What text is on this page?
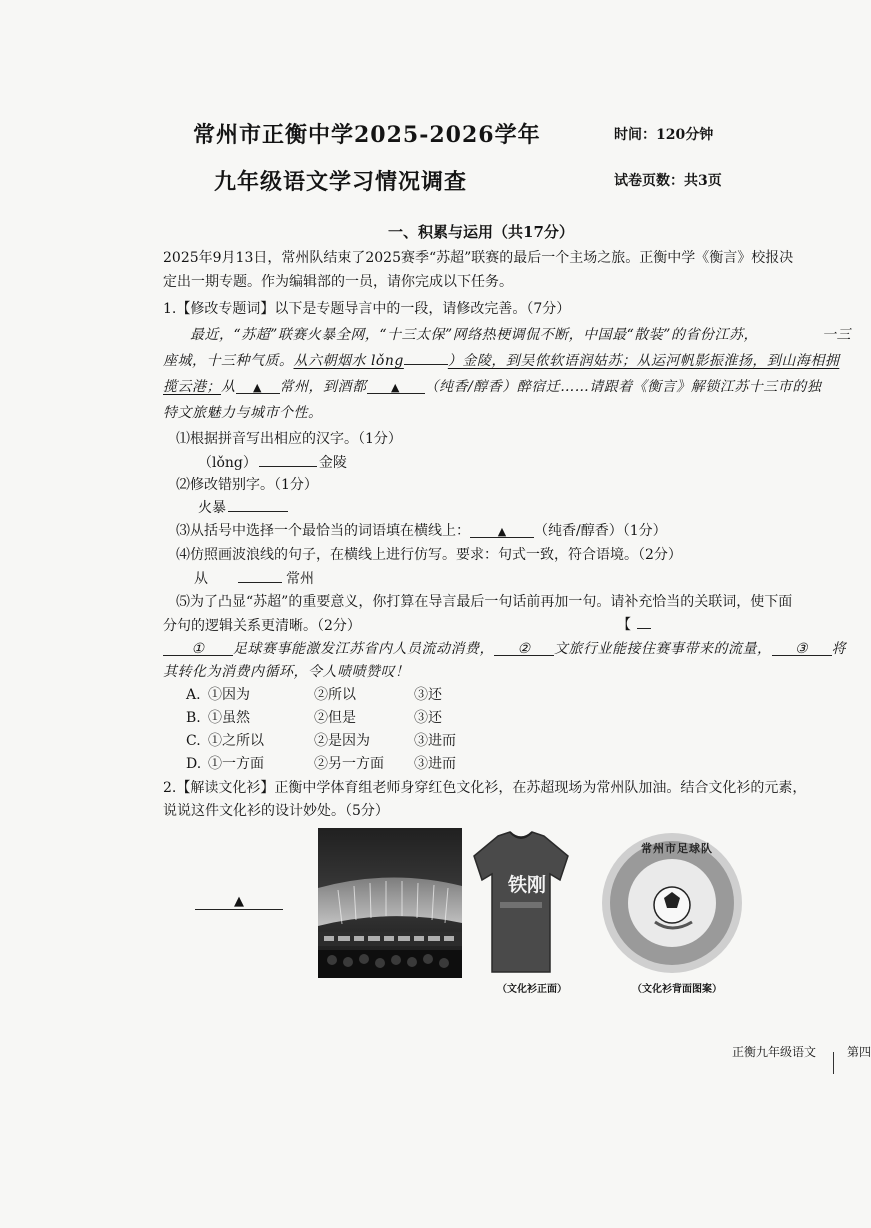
常州市正衡中学2025-2026学年	时间：120分钟
九年级语文学习情况调查	试卷页数：共3页
一、积累与运用（共17分）
2025年9月13日，常州队结束了2025赛季“苏超”联赛的最后一个主场之旅。正衡中学《衡言》校报决
定出一期专题。作为编辑部的一员，请你完成以下任务。
1.【修改专题词】以下是专题导言中的一段，请修改完善。（7分）
最近，“苏超”联赛火暴全网，“十三太保”网络热梗调侃不断，中国最“散装”的省份江苏，	一三
座城，十三种气质。从六朝烟水 lǒng	）金陵，到吴侬软语润姑苏；从运河帆影振淮扬，到山海相拥
揽云港；从 ▲ 常州，到酒都 ▲ （纯香/醇香）醉宿迁……请跟着《衡言》解锁江苏十三市的独
特文旅魅力与城市个性。
⑴根据拼音写出相应的汉字。（1分）
（lǒng）	金陵
⑵修改错别字。（1分）
火暴
⑶从括号中选择一个最恰当的词语填在横线上：	▲ （纯香/醇香）（1分）
⑷仿照画波浪线的句子，在横线上进行仿写。要求：句式一致，符合语境。（2分）
从	常州
⑸为了凸显“苏超”的重要意义，你打算在导言最后一句话前再加一句。请补充恰当的关联词，使下面
分句的逻辑关系更清晰。（2分）	【
① 足球赛事能激发江苏省内人员流动消费， ② 文旅行业能接住赛事带来的流量， ③ 将
其转化为消费内循环，令人啧啧赞叹！
A. ①因为	②所以	③还
B. ①虽然	②但是	③还
C. ①之所以	②是因为	③进而
D. ①一方面	②另一方面 ③进而
2.【解读文化衫】正衡中学体育组老师身穿红色文化衫，在苏超现场为常州队加油。结合文化衫的元素，
说说这件文化衫的设计妙处。（5分）
▲
铁刚
常州市足球队
（文化衫正面）	（文化衫背面图案）
正衡九年级语文	第四
